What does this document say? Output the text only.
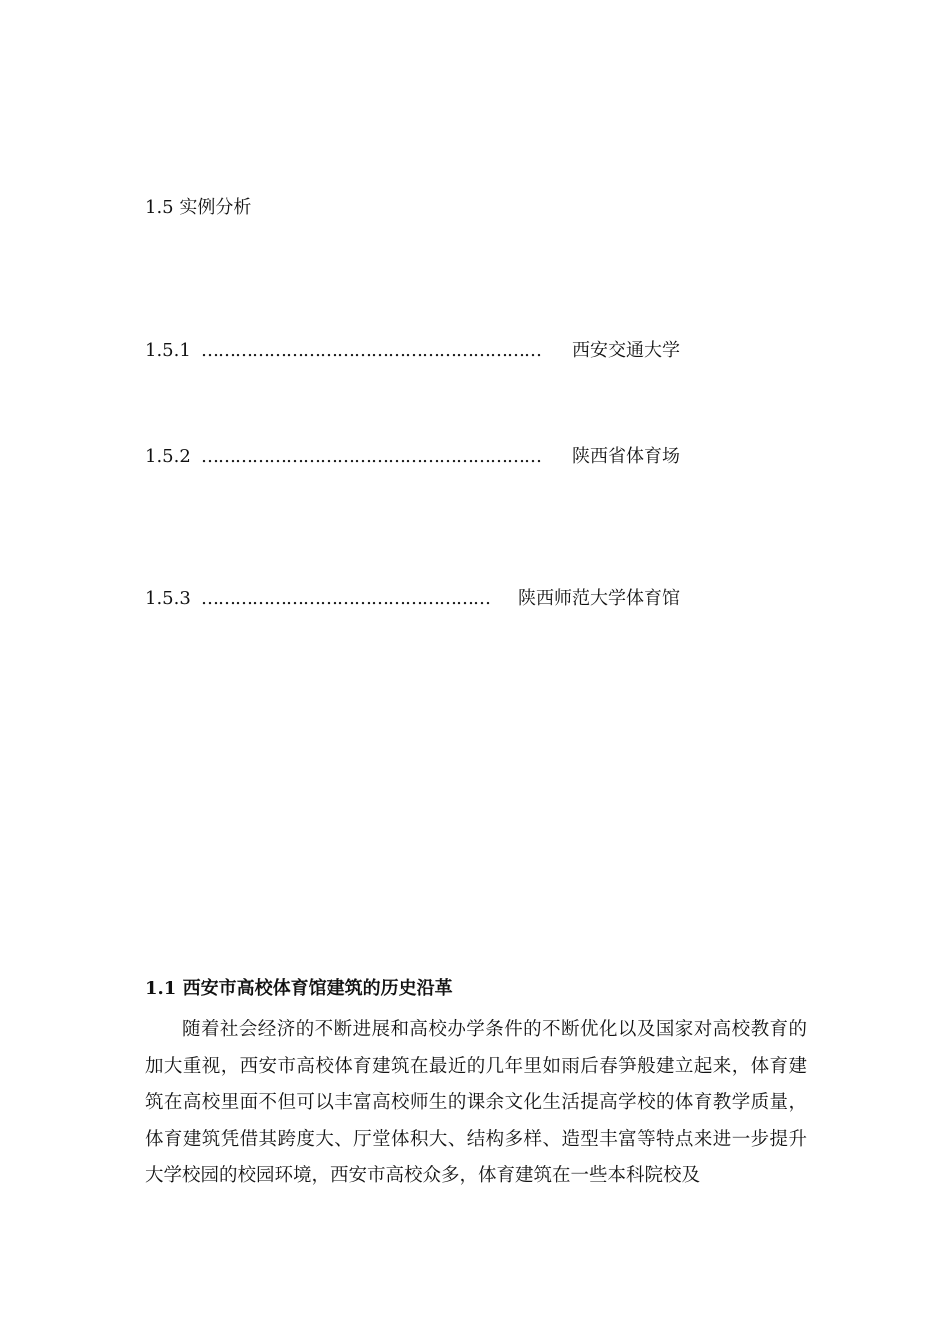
1.5 实例分析
1.5.1 …………………………………………………… 西安交通大学
1.5.2 …………………………………………………… 陕西省体育场
1.5.3 …………………………………………… 陕西师范大学体育馆
1.1 西安市高校体育馆建筑的历史沿革

随着社会经济的不断进展和高校办学条件的不断优化以及国家对高校教育的加大重视，西安市高校体育建筑在最近的几年里如雨后春笋般建立起来，体育建筑在高校里面不但可以丰富高校师生的课余文化生活提高学校的体育教学质量，体育建筑凭借其跨度大、厅堂体积大、结构多样、造型丰富等特点来进一步提升大学校园的校园环境，西安市高校众多，体育建筑在一些本科院校及
